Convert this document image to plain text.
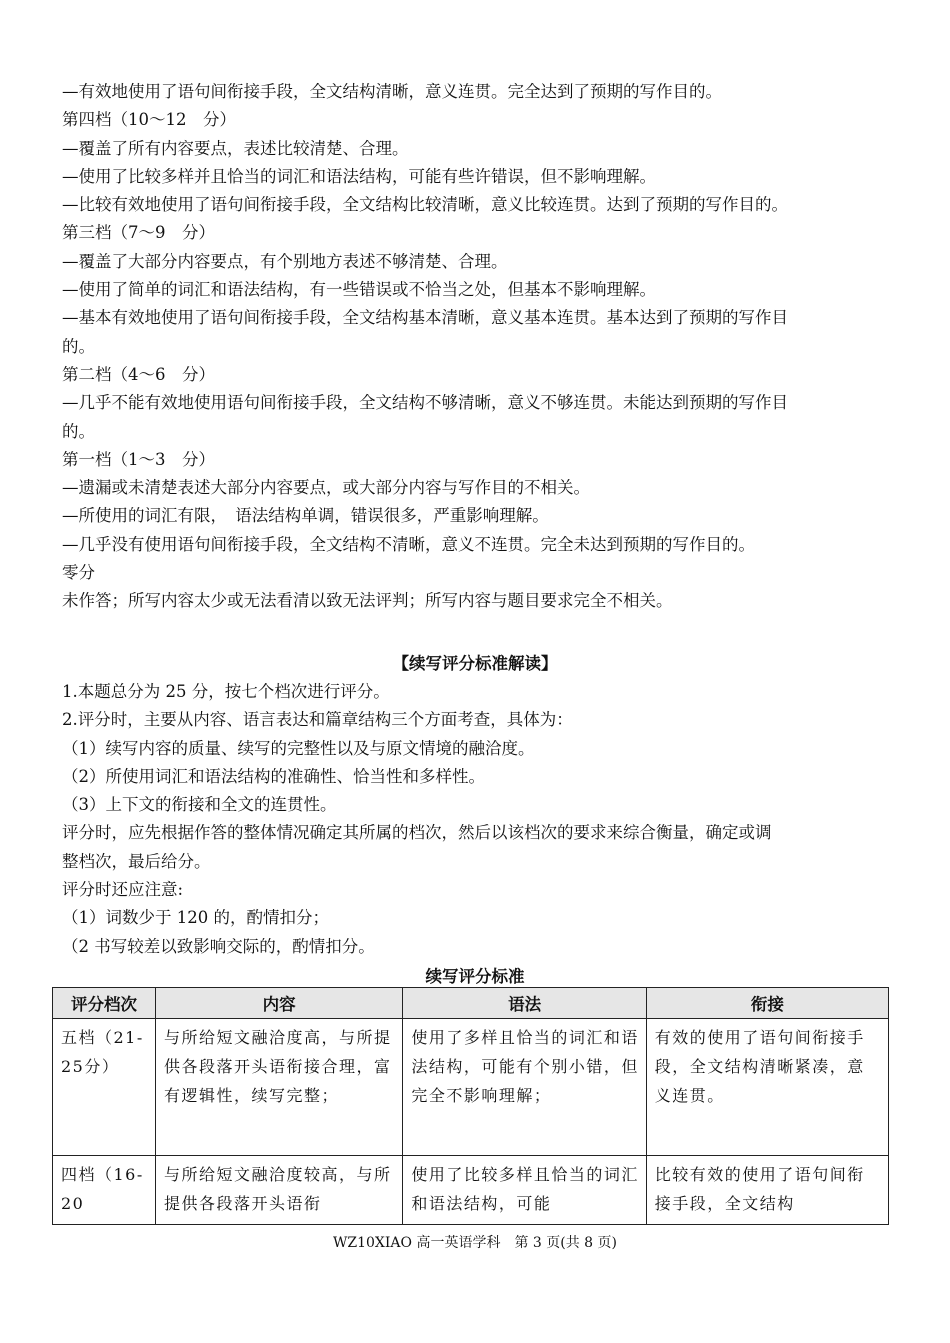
—有效地使用了语句间衔接手段，全文结构清晰，意义连贯。完全达到了预期的写作目的。
第四档（10～12　分）
—覆盖了所有内容要点，表述比较清楚、合理。
—使用了比较多样并且恰当的词汇和语法结构，可能有些许错误，但不影响理解。
—比较有效地使用了语句间衔接手段，全文结构比较清晰，意义比较连贯。达到了预期的写作目的。
第三档（7～9　分）
—覆盖了大部分内容要点，有个别地方表述不够清楚、合理。
—使用了简单的词汇和语法结构，有一些错误或不恰当之处，但基本不影响理解。
—基本有效地使用了语句间衔接手段，全文结构基本清晰，意义基本连贯。基本达到了预期的写作目
的。
第二档（4～6　分）
—几乎不能有效地使用语句间衔接手段，全文结构不够清晰，意义不够连贯。未能达到预期的写作目
的。
第一档（1～3　分）
—遗漏或未清楚表述大部分内容要点，或大部分内容与写作目的不相关。
—所使用的词汇有限，　语法结构单调，错误很多，严重影响理解。
—几乎没有使用语句间衔接手段，全文结构不清晰，意义不连贯。完全未达到预期的写作目的。
零分
未作答；所写内容太少或无法看清以致无法评判；所写内容与题目要求完全不相关。
【续写评分标准解读】
1.本题总分为 25 分，按七个档次进行评分。
2.评分时，主要从内容、语言表达和篇章结构三个方面考查，具体为：
（1）续写内容的质量、续写的完整性以及与原文情境的融洽度。
（2）所使用词汇和语法结构的准确性、恰当性和多样性。
（3）上下文的衔接和全文的连贯性。
评分时，应先根据作答的整体情况确定其所属的档次，然后以该档次的要求来综合衡量，确定或调
整档次，最后给分。
评分时还应注意:
（1）词数少于 120 的，酌情扣分；
（2 书写较差以致影响交际的，酌情扣分。
续写评分标准
评分档次	内容	语法	衔接
五档（21-25分）	与所给短文融洽度高，与所提供各段落开头语衔接合理，富有逻辑性，续写完整；	使用了多样且恰当的词汇和语法结构，可能有个别小错，但完全不影响理解；	有效的使用了语句间衔接手段，全文结构清晰紧凑，意义连贯。
四档（16-20	与所给短文融洽度较高，与所提供各段落开头语衔	使用了比较多样且恰当的词汇和语法结构，可能	比较有效的使用了语句间衔接手段，全文结构
WZ10XIAO 高一英语学科　第 3 页(共 8 页)
